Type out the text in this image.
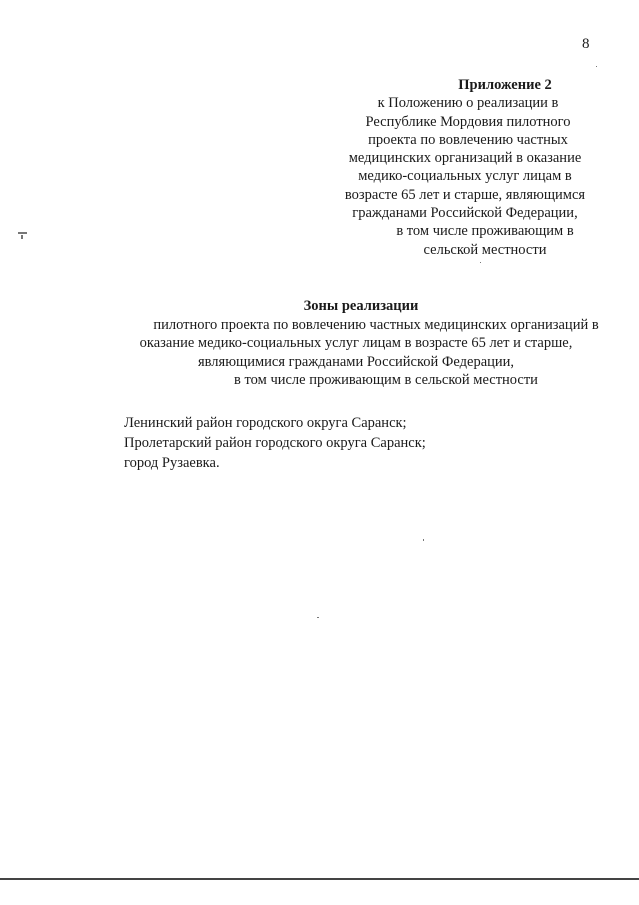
8
Приложение 2
к Положению о реализации в
Республике Мордовия пилотного
проекта по вовлечению частных
медицинских организаций в оказание
медико-социальных услуг лицам в
возрасте 65 лет и старше, являющимся
гражданами Российской Федерации,
в том числе проживающим в
сельской местности
Зоны реализации
пилотного проекта по вовлечению частных медицинских организаций в
оказание медико-социальных услуг лицам в возрасте 65 лет и старше,
являющимися гражданами Российской Федерации,
в том числе проживающим в сельской местности
Ленинский район городского округа Саранск;
Пролетарский район городского округа Саранск;
город Рузаевка.
